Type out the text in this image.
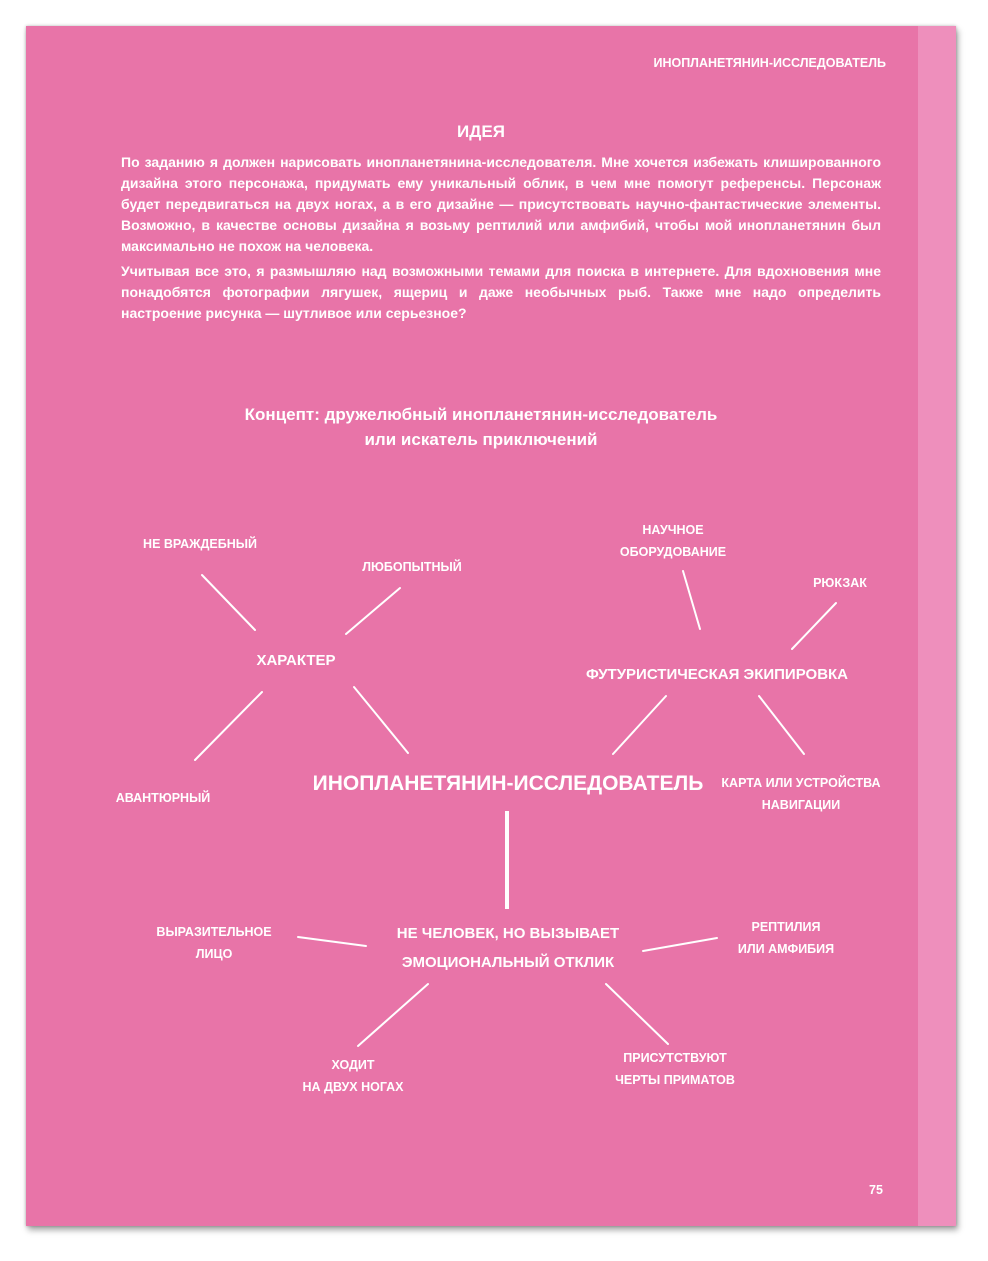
ИНОПЛАНЕТЯНИН-ИССЛЕДОВАТЕЛЬ
ИДЕЯ

По заданию я должен нарисовать инопланетянина-исследователя. Мне хочется избежать клишированного дизайна этого персонажа, придумать ему уникальный облик, в чем мне помогут референсы. Персонаж будет передвигаться на двух ногах, а в его дизайне — присутствовать научно-фантастические элементы. Возможно, в качестве основы дизайна я возьму рептилий или амфибий, чтобы мой инопланетянин был максимально не похож на человека.

Учитывая все это, я размышляю над возможными темами для поиска в интернете. Для вдохновения мне понадобятся фотографии лягушек, ящериц и даже необычных рыб. Также мне надо определить настроение рисунка — шутливое или серьезное?

Концепт: дружелюбный инопланетянин-исследователь
или искатель приключений
НЕ ВРАЖДЕБНЫЙ
ЛЮБОПЫТНЫЙ
ХАРАКТЕР
АВАНТЮРНЫЙ
НАУЧНОЕ
ОБОРУДОВАНИЕ
РЮКЗАК
ФУТУРИСТИЧЕСКАЯ ЭКИПИРОВКА
КАРТА ИЛИ УСТРОЙСТВА
НАВИГАЦИИ
ИНОПЛАНЕТЯНИН-ИССЛЕДОВАТЕЛЬ
ВЫРАЗИТЕЛЬНОЕ
ЛИЦО
НЕ ЧЕЛОВЕК, НО ВЫЗЫВАЕТ
ЭМОЦИОНАЛЬНЫЙ ОТКЛИК
РЕПТИЛИЯ
ИЛИ АМФИБИЯ
ХОДИТ
НА ДВУХ НОГАХ
ПРИСУТСТВУЮТ
ЧЕРТЫ ПРИМАТОВ
75
